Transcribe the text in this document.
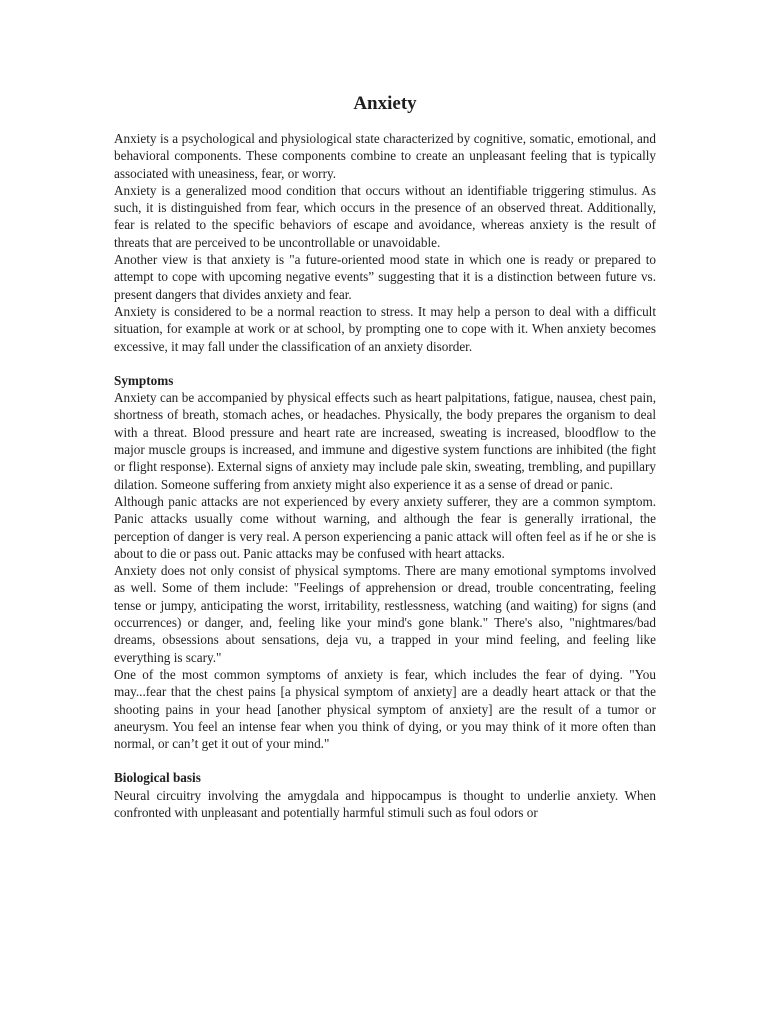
Anxiety

Anxiety is a psychological and physiological state characterized by cognitive, somatic, emotional, and behavioral components. These components combine to create an unpleasant feeling that is typically associated with uneasiness, fear, or worry.

Anxiety is a generalized mood condition that occurs without an identifiable triggering stimulus. As such, it is distinguished from fear, which occurs in the presence of an observed threat. Additionally, fear is related to the specific behaviors of escape and avoidance, whereas anxiety is the result of threats that are perceived to be uncontrollable or unavoidable.

Another view is that anxiety is "a future-oriented mood state in which one is ready or prepared to attempt to cope with upcoming negative events” suggesting that it is a distinction between future vs. present dangers that divides anxiety and fear.

Anxiety is considered to be a normal reaction to stress. It may help a person to deal with a difficult situation, for example at work or at school, by prompting one to cope with it. When anxiety becomes excessive, it may fall under the classification of an anxiety disorder.

Symptoms

Anxiety can be accompanied by physical effects such as heart palpitations, fatigue, nausea, chest pain, shortness of breath, stomach aches, or headaches. Physically, the body prepares the organism to deal with a threat. Blood pressure and heart rate are increased, sweating is increased, bloodflow to the major muscle groups is increased, and immune and digestive system functions are inhibited (the fight or flight response). External signs of anxiety may include pale skin, sweating, trembling, and pupillary dilation. Someone suffering from anxiety might also experience it as a sense of dread or panic.

Although panic attacks are not experienced by every anxiety sufferer, they are a common symptom. Panic attacks usually come without warning, and although the fear is generally irrational, the perception of danger is very real. A person experiencing a panic attack will often feel as if he or she is about to die or pass out. Panic attacks may be confused with heart attacks.

Anxiety does not only consist of physical symptoms. There are many emotional symptoms involved as well. Some of them include: "Feelings of apprehension or dread, trouble concentrating, feeling tense or jumpy, anticipating the worst, irritability, restlessness, watching (and waiting) for signs (and occurrences) or danger, and, feeling like your mind's gone blank." There's also, "nightmares/bad dreams, obsessions about sensations, deja vu, a trapped in your mind feeling, and feeling like everything is scary."

One of the most common symptoms of anxiety is fear, which includes the fear of dying. "You may...fear that the chest pains [a physical symptom of anxiety] are a deadly heart attack or that the shooting pains in your head [another physical symptom of anxiety] are the result of a tumor or aneurysm. You feel an intense fear when you think of dying, or you may think of it more often than normal, or can’t get it out of your mind."

Biological basis

Neural circuitry involving the amygdala and hippocampus is thought to underlie anxiety. When confronted with unpleasant and potentially harmful stimuli such as foul odors or
